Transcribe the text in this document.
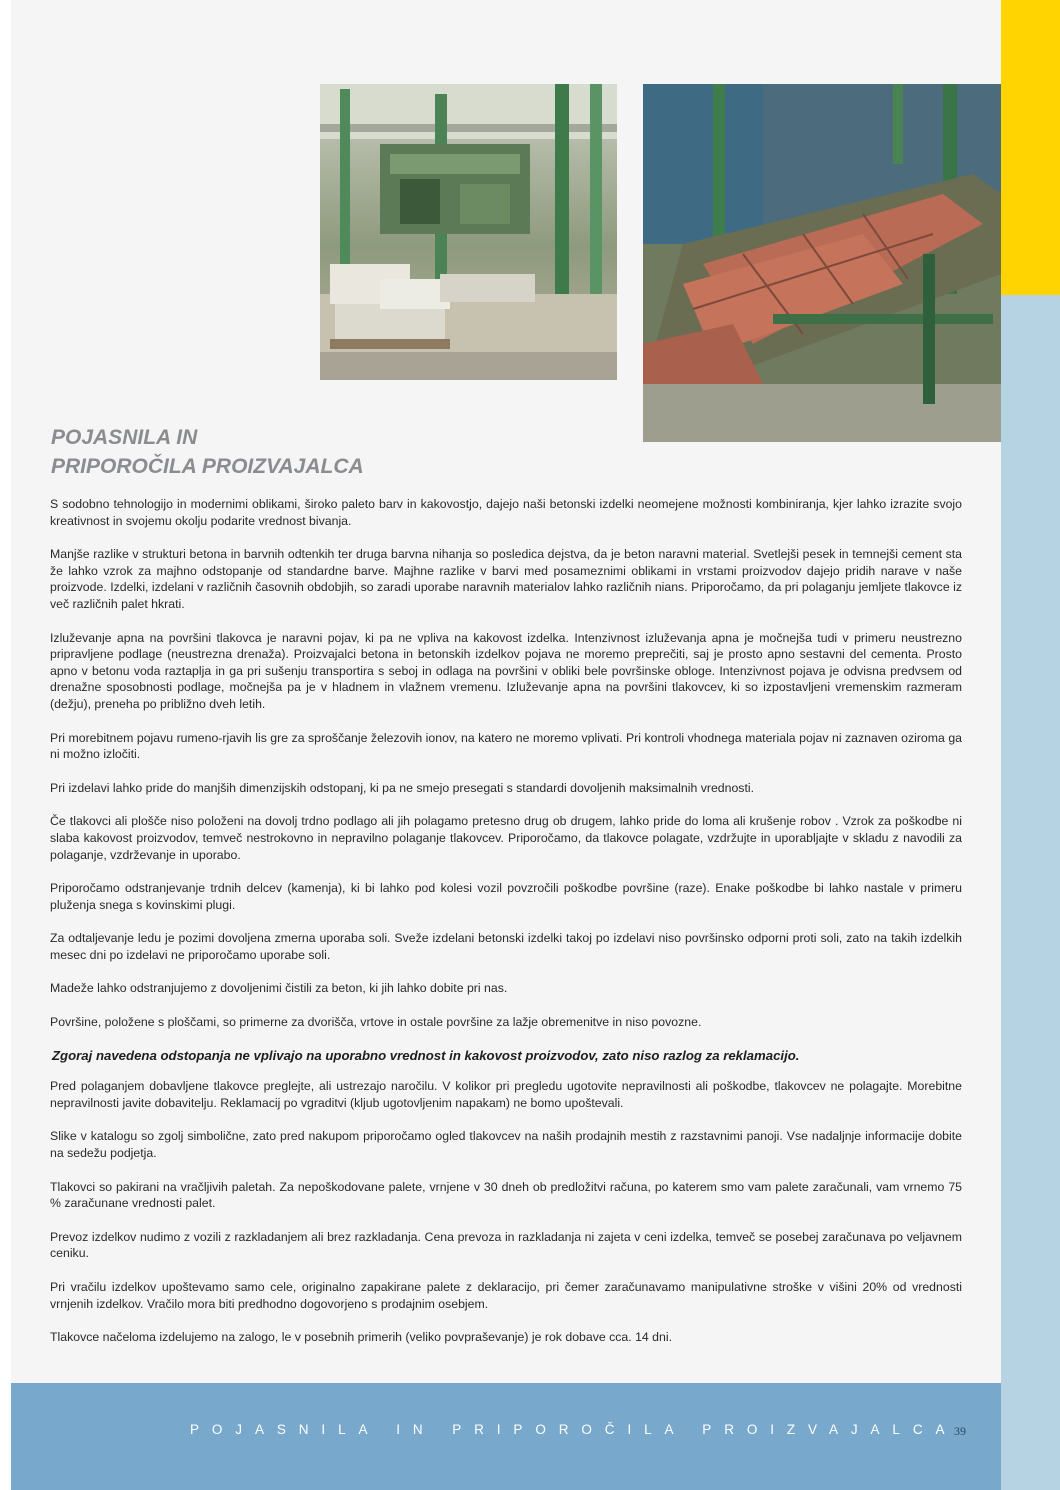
POJASNILA IN
PRIPOROČILA PROIZVAJALCA

S sodobno tehnologijo in modernimi oblikami, široko paleto barv in kakovostjo, dajejo naši betonski izdelki neomejene možnosti kombiniranja, kjer lahko izrazite svojo kreativnost in svojemu okolju podarite vrednost bivanja.

Manjše razlike v strukturi betona in barvnih odtenkih ter druga barvna nihanja so posledica dejstva, da je beton naravni material. Svetlejši pesek in temnejši cement sta že lahko vzrok za majhno odstopanje od standardne barve. Majhne razlike v barvi med posameznimi oblikami in vrstami proizvodov dajejo pridih narave v naše proizvode. Izdelki, izdelani v različnih časovnih obdobjih, so zaradi uporabe naravnih materialov lahko različnih nians. Priporočamo, da pri polaganju jemljete tlakovce iz več različnih palet hkrati.

Izluževanje apna na površini tlakovca je naravni pojav, ki pa ne vpliva na kakovost izdelka. Intenzivnost izluževanja apna je močnejša tudi v primeru neustrezno pripravljene podlage (neustrezna drenaža). Proizvajalci betona in betonskih izdelkov pojava ne moremo preprečiti, saj je prosto apno sestavni del cementa. Prosto apno v betonu voda raztaplja in ga pri sušenju transportira s seboj in odlaga na površini v obliki bele površinske obloge. Intenzivnost pojava je odvisna predvsem od drenažne sposobnosti podlage, močnejša pa je v hladnem in vlažnem vremenu. Izluževanje apna na površini tlakovcev, ki so izpostavljeni vremenskim razmeram (dežju), preneha po približno dveh letih.

Pri morebitnem pojavu rumeno-rjavih lis gre za sproščanje železovih ionov, na katero ne moremo vplivati. Pri kontroli vhodnega materiala pojav ni zaznaven oziroma ga ni možno izločiti.

Pri izdelavi lahko pride do manjših dimenzijskih odstopanj, ki pa ne smejo presegati s standardi dovoljenih maksimalnih vrednosti.

Če tlakovci ali plošče niso položeni na dovolj trdno podlago ali jih polagamo pretesno drug ob drugem, lahko pride do loma ali krušenje robov . Vzrok za poškodbe ni slaba kakovost proizvodov, temveč nestrokovno in nepravilno polaganje tlakovcev. Priporočamo, da tlakovce polagate, vzdržujte in uporabljajte v skladu z navodili za polaganje, vzdrževanje in uporabo.

Priporočamo odstranjevanje trdnih delcev (kamenja), ki bi lahko pod kolesi vozil povzročili poškodbe površine (raze). Enake poškodbe bi lahko nastale v primeru pluženja snega s kovinskimi plugi.

Za odtaljevanje ledu je pozimi dovoljena zmerna uporaba soli. Sveže izdelani betonski izdelki takoj po izdelavi niso površinsko odporni proti soli, zato na takih izdelkih mesec dni po izdelavi ne priporočamo uporabe soli.

Madeže lahko odstranjujemo z dovoljenimi čistili za beton, ki jih lahko dobite pri nas.

Površine, položene s ploščami, so primerne za dvorišča, vrtove in ostale površine za lažje obremenitve in niso povozne.

Zgoraj navedena odstopanja ne vplivajo na uporabno vrednost in kakovost proizvodov, zato niso razlog za reklamacijo.

Pred polaganjem dobavljene tlakovce preglejte, ali ustrezajo naročilu. V kolikor pri pregledu ugotovite nepravilnosti ali poškodbe, tlakovcev ne polagajte. Morebitne nepravilnosti javite dobavitelju. Reklamacij po vgraditvi (kljub ugotovljenim napakam) ne bomo upoštevali.

Slike v katalogu so zgolj simbolične, zato pred nakupom priporočamo ogled tlakovcev na naših prodajnih mestih z razstavnimi panoji. Vse nadaljnje informacije dobite na sedežu podjetja.

Tlakovci so pakirani na vračljivih paletah. Za nepoškodovane palete, vrnjene v 30 dneh ob predložitvi računa, po katerem smo vam palete zaračunali, vam vrnemo 75 % zaračunane vrednosti palet.

Prevoz izdelkov nudimo z vozili z razkladanjem ali brez razkladanja. Cena prevoza in razkladanja ni zajeta v ceni izdelka, temveč se posebej zaračunava po veljavnem ceniku.

Pri vračilu izdelkov upoštevamo samo cele, originalno zapakirane palete z deklaracijo, pri čemer zaračunavamo manipulativne stroške v višini 20% od vrednosti vrnjenih izdelkov. Vračilo mora biti predhodno dogovorjeno s prodajnim osebjem.

Tlakovce načeloma izdelujemo na zalogo, le v posebnih primerih (veliko povpraševanje) je rok dobave cca. 14 dni.

POJASNILA IN PRIPOROČILA PROIZVAJALCA
39
